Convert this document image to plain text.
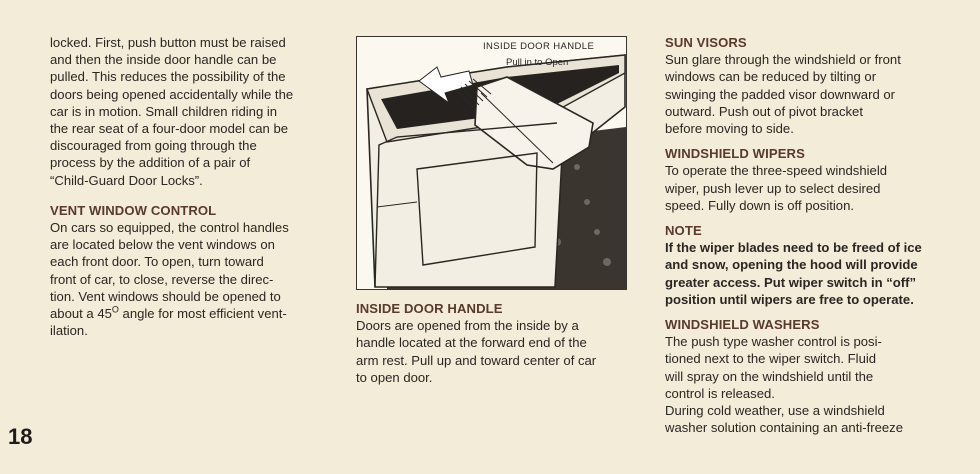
locked. First, push button must be raised
and then the inside door handle can be
pulled. This reduces the possibility of the
doors being opened accidentally while the
car is in motion. Small children riding in
the rear seat of a four-door model can be
discouraged from going through the
process by the addition of a pair of
“Child-Guard Door Locks”.

VENT WINDOW CONTROL

On cars so equipped, the control handles
are located below the vent windows on
each front door. To open, turn toward
front of car, to close, reverse the direc-
tion. Vent windows should be opened to
about a $45^O$ angle for most efficient vent-
ilation.

INSIDE DOOR HANDLE
Pull in to Open

INSIDE DOOR HANDLE

Doors are opened from the inside by a
handle located at the forward end of the
arm rest. Pull up and toward center of car
to open door.

SUN VISORS

Sun glare through the windshield or front
windows can be reduced by tilting or
swinging the padded visor downward or
outward. Push out of pivot bracket
before moving to side.

WINDSHIELD WIPERS

To operate the three-speed windshield
wiper, push lever up to select desired
speed. Fully down is off position.

NOTE

If the wiper blades need to be freed of ice
and snow, opening the hood will provide
greater access. Put wiper switch in “off”
position until wipers are free to operate.

WINDSHIELD WASHERS

The push type washer control is posi-
tioned next to the wiper switch. Fluid
will spray on the windshield until the
control is released.
During cold weather, use a windshield
washer solution containing an anti-freeze

18
